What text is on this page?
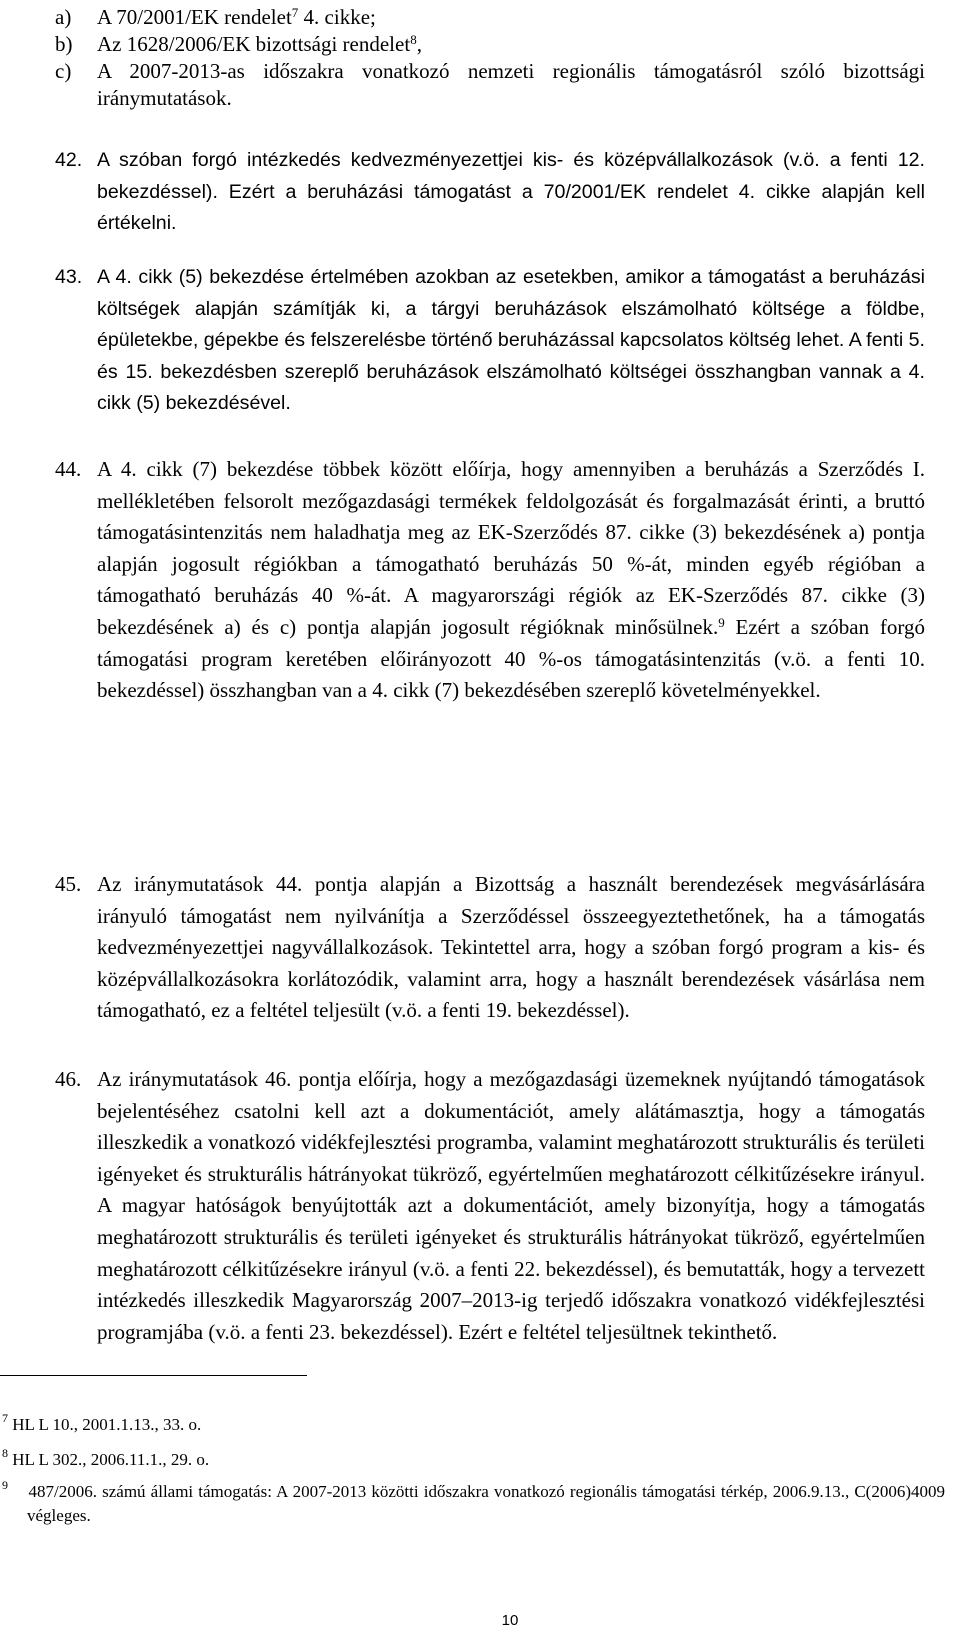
a) A 70/2001/EK rendelet$^7$ 4. cikke;
b) Az 1628/2006/EK bizottsági rendelet$^8$,
c) A 2007-2013-as időszakra vonatkozó nemzeti regionális támogatásról szóló bizottsági iránymutatások.
42. A szóban forgó intézkedés kedvezményezettjei kis- és középvállalkozások (v.ö. a fenti 12. bekezdéssel). Ezért a beruházási támogatást a 70/2001/EK rendelet 4. cikke alapján kell értékelni.
43. A 4. cikk (5) bekezdése értelmében azokban az esetekben, amikor a támogatást a beruházási költségek alapján számítják ki, a tárgyi beruházások elszámolható költsége a földbe, épületekbe, gépekbe és felszerelésbe történő beruházással kapcsolatos költség lehet. A fenti 5. és 15. bekezdésben szereplő beruházások elszámolható költségei összhangban vannak a 4. cikk (5) bekezdésével.
44. A 4. cikk (7) bekezdése többek között előírja, hogy amennyiben a beruházás a Szerződés I. mellékletében felsorolt mezőgazdasági termékek feldolgozását és forgalmazását érinti, a bruttó támogatásintenzitás nem haladhatja meg az EK-Szerződés 87. cikke (3) bekezdésének a) pontja alapján jogosult régiókban a támogatható beruházás 50 %-át, minden egyéb régióban a támogatható beruházás 40 %-át. A magyarországi régiók az EK-Szerződés 87. cikke (3) bekezdésének a) és c) pontja alapján jogosult régióknak minősülnek.$^9$ Ezért a szóban forgó támogatási program keretében előirányozott 40 %-os támogatásintenzitás (v.ö. a fenti 10. bekezdéssel) összhangban van a 4. cikk (7) bekezdésében szereplő követelményekkel.
45. Az iránymutatások 44. pontja alapján a Bizottság a használt berendezések megvásárlására irányuló támogatást nem nyilvánítja a Szerződéssel összeegyeztethetőnek, ha a támogatás kedvezményezettjei nagyvállalkozások. Tekintettel arra, hogy a szóban forgó program a kis- és középvállalkozásokra korlátozódik, valamint arra, hogy a használt berendezések vásárlása nem támogatható, ez a feltétel teljesült (v.ö. a fenti 19. bekezdéssel).
46. Az iránymutatások 46. pontja előírja, hogy a mezőgazdasági üzemeknek nyújtandó támogatások bejelentéséhez csatolni kell azt a dokumentációt, amely alátámasztja, hogy a támogatás illeszkedik a vonatkozó vidékfejlesztési programba, valamint meghatározott strukturális és területi igényeket és strukturális hátrányokat tükröző, egyértelműen meghatározott célkitűzésekre irányul. A magyar hatóságok benyújtották azt a dokumentációt, amely bizonyítja, hogy a támogatás meghatározott strukturális és területi igényeket és strukturális hátrányokat tükröző, egyértelműen meghatározott célkitűzésekre irányul (v.ö. a fenti 22. bekezdéssel), és bemutatták, hogy a tervezett intézkedés illeszkedik Magyarország 2007–2013-ig terjedő időszakra vonatkozó vidékfejlesztési programjába (v.ö. a fenti 23. bekezdéssel). Ezért e feltétel teljesültnek tekinthető.
$^7$ HL L 10., 2001.1.13., 33. o.
$^8$ HL L 302., 2006.11.1., 29. o.
$^9$ 487/2006. számú állami támogatás: A 2007-2013 közötti időszakra vonatkozó regionális támogatási térkép, 2006.9.13., C(2006)4009 végleges.
10
